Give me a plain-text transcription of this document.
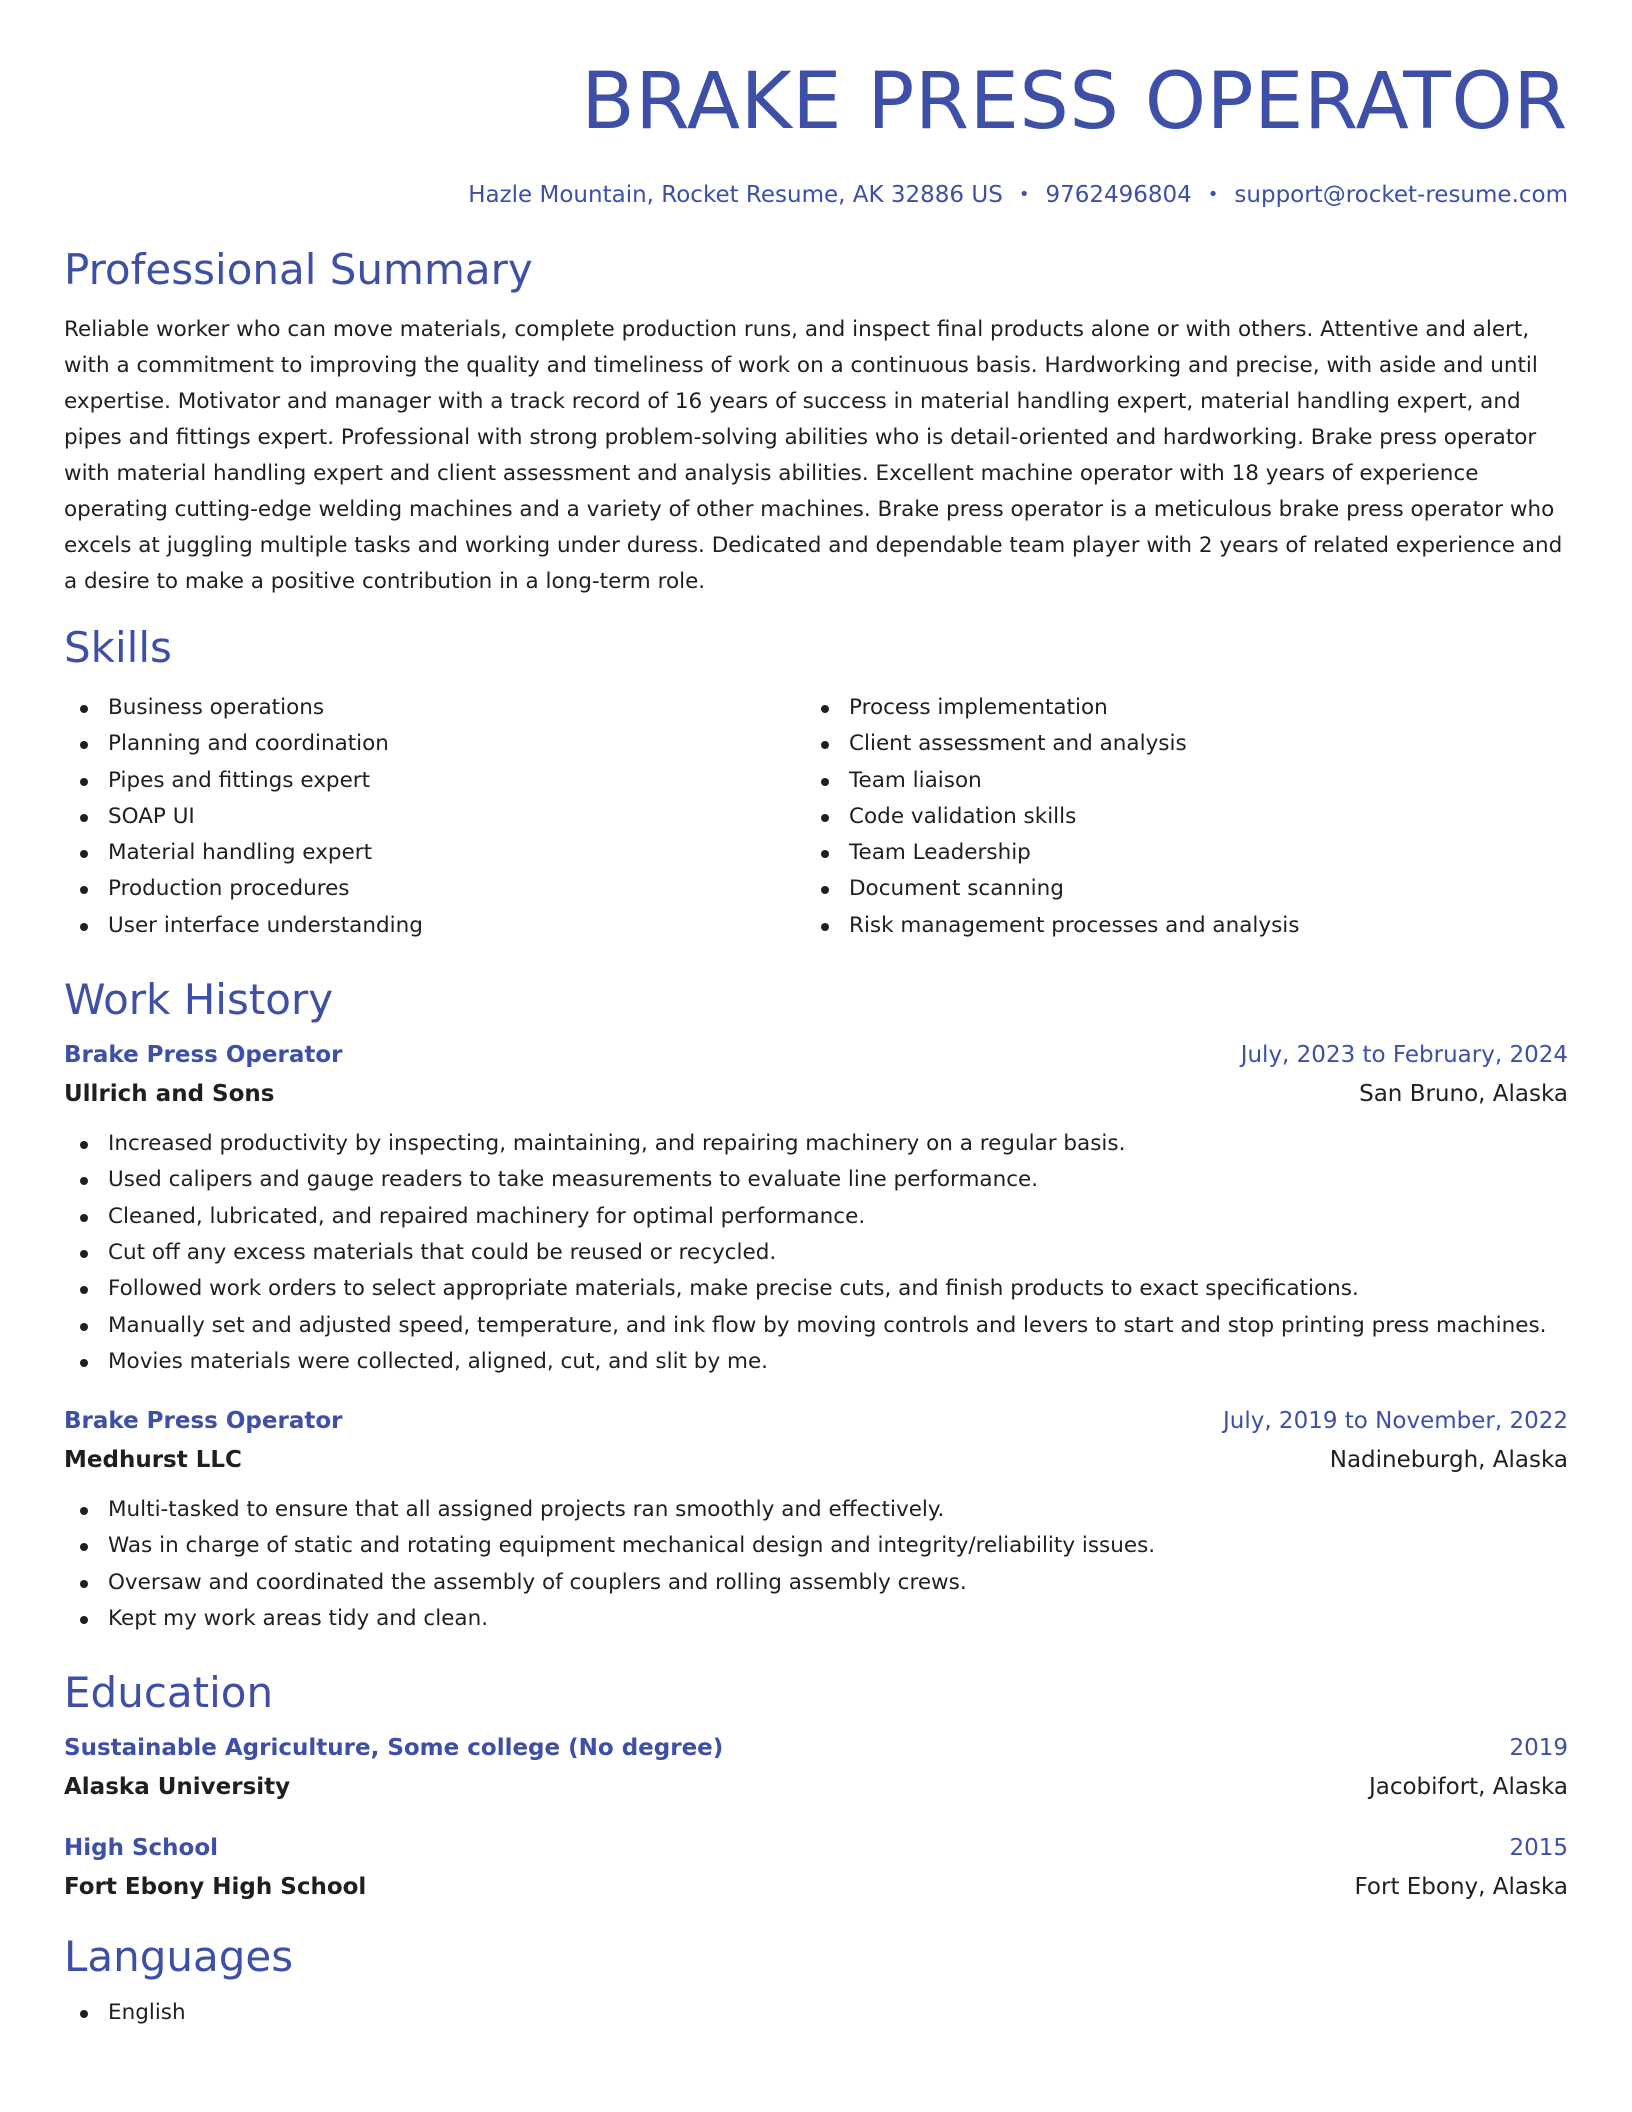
BRAKE PRESS OPERATOR
Hazle Mountain, Rocket Resume, AK 32886 US • 9762496804 • support@rocket-resume.com
Professional Summary

Reliable worker who can move materials, complete production runs, and inspect final products alone or with others. Attentive and alert, with a commitment to improving the quality and timeliness of work on a continuous basis. Hardworking and precise, with aside and until expertise. Motivator and manager with a track record of 16 years of success in material handling expert, material handling expert, and pipes and fittings expert. Professional with strong problem-solving abilities who is detail-oriented and hardworking. Brake press operator with material handling expert and client assessment and analysis abilities. Excellent machine operator with 18 years of experience operating cutting-edge welding machines and a variety of other machines. Brake press operator is a meticulous brake press operator who excels at juggling multiple tasks and working under duress. Dedicated and dependable team player with 2 years of related experience and a desire to make a positive contribution in a long-term role.

Skills
Business operations
Planning and coordination
Pipes and fittings expert
SOAP UI
Material handling expert
Production procedures
User interface understanding
Process implementation
Client assessment and analysis
Team liaison
Code validation skills
Team Leadership
Document scanning
Risk management processes and analysis
Work History
Brake Press Operator	July, 2023 to February, 2024
Ullrich and Sons	San Bruno, Alaska
Increased productivity by inspecting, maintaining, and repairing machinery on a regular basis.
Used calipers and gauge readers to take measurements to evaluate line performance.
Cleaned, lubricated, and repaired machinery for optimal performance.
Cut off any excess materials that could be reused or recycled.
Followed work orders to select appropriate materials, make precise cuts, and finish products to exact specifications.
Manually set and adjusted speed, temperature, and ink flow by moving controls and levers to start and stop printing press machines.
Movies materials were collected, aligned, cut, and slit by me.
Brake Press Operator	July, 2019 to November, 2022
Medhurst LLC	Nadineburgh, Alaska
Multi-tasked to ensure that all assigned projects ran smoothly and effectively.
Was in charge of static and rotating equipment mechanical design and integrity/reliability issues.
Oversaw and coordinated the assembly of couplers and rolling assembly crews.
Kept my work areas tidy and clean.
Education
Sustainable Agriculture, Some college (No degree)	2019
Alaska University	Jacobifort, Alaska
High School	2015
Fort Ebony High School	Fort Ebony, Alaska
Languages
English
